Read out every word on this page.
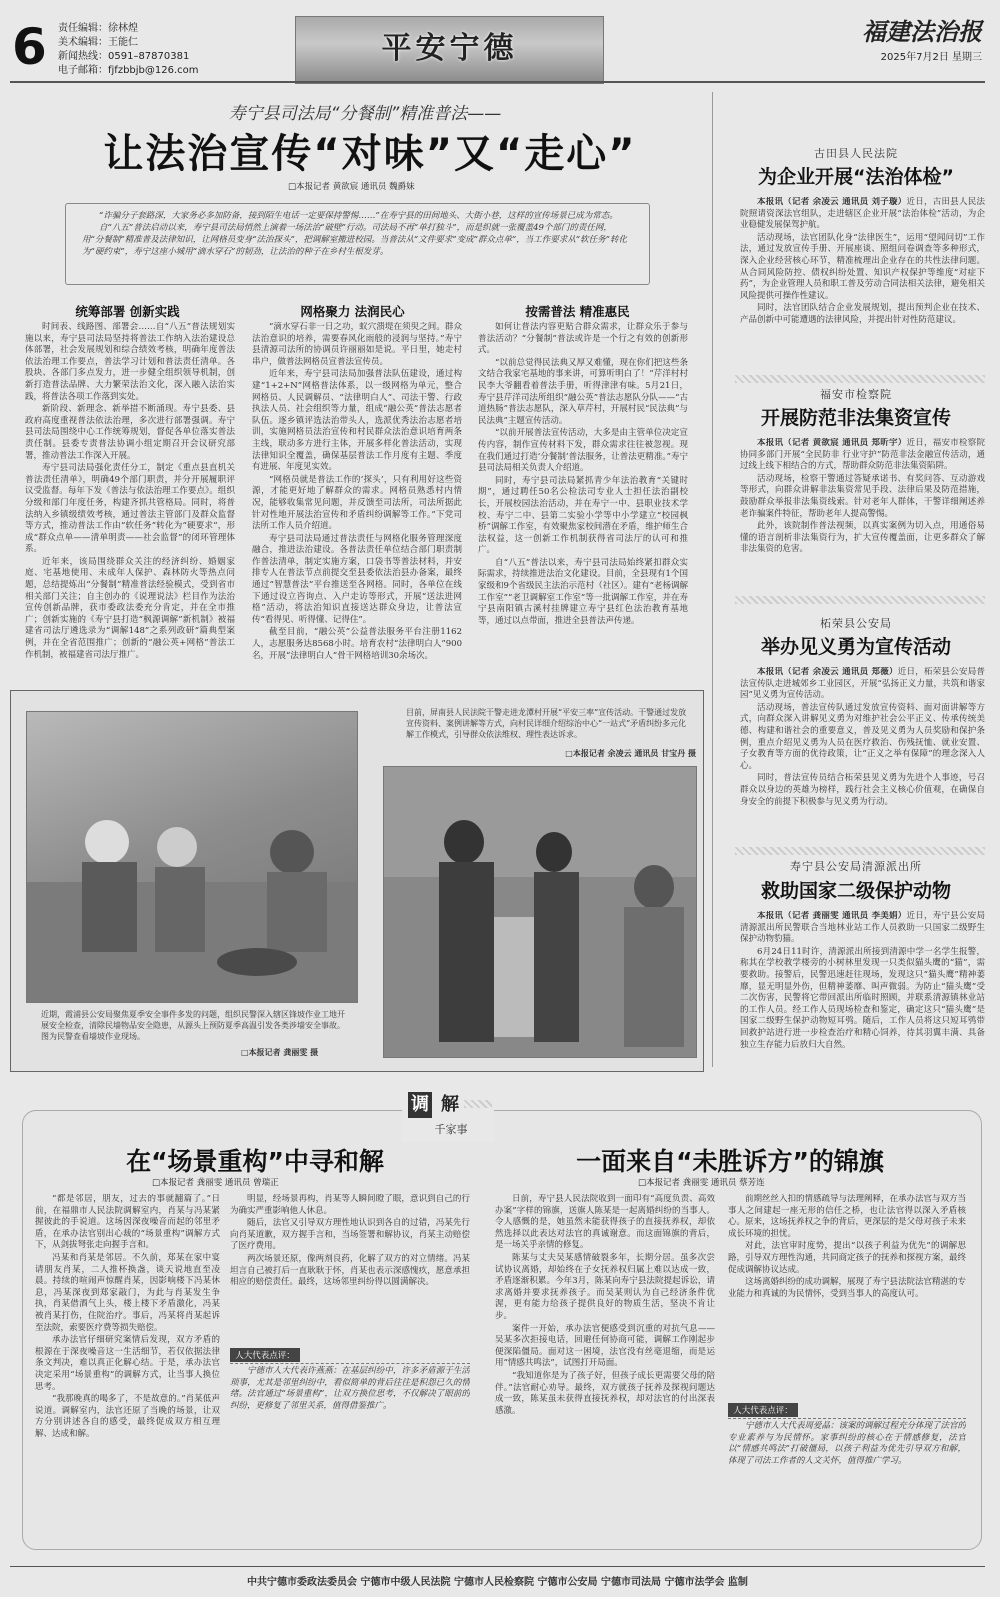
6 责任编辑：徐林煌
美术编辑：王能仁
新闻热线：0591–87870381
电子邮箱：fjfzbbjb@126.com
平安宁德	福建法治报
2025年7月2日 星期三
寿宁县司法局“分餐制”精准普法——
让法治宣传“对味”又“走心”
□本报记者 黄欲宸 通讯员 魏爵妹
“诈骗分子套路深，大家务必多加防备，接到陌生电话一定要保持警惕……”在寿宁县的田间地头、大街小巷，这样的宣传场景已成为常态。
自“八五”普法启动以来，寿宁县司法局悄然上演着一场法治“破壁”行动。司法局不再“单打独斗”，而是织就一张覆盖49个部门的责任网，用“分餐制”精准普及法律知识，让网格员变身“法治探头”，把调解室搬进校园。当普法从“文件要求”变成“群众点单”，当工作要求从“软任务”转化为“硬约束”，寿宁这座小城用“滴水穿石”的韧劲，让法治的种子在乡村生根发芽。
统筹部署 创新实践	网格聚力 法润民心	按需普法 精准惠民

时间表、线路图、部署会……自“八五”普法规划实施以来，寿宁县司法局坚持将普法工作纳入法治建设总体部署，社会发展规划和综合绩效考核，明确年度普法依法治理工作要点，普法学习计划和普法责任清单。各股块、各部门多点发力，进一步健全组织领导机制，创新打造普法品牌、大力繁荣法治文化，深入融入法治实践，将普法各项工作落到实处。

新阶段、新理念、新举措不断涌现。寿宁县委、县政府高度重视普法依法治理，多次进行部署强调。寿宁县司法局围绕中心工作统筹规划，督促各单位落实普法责任制。县委专责普法协调小组定期召开会议研究部署，推动普法工作深入开展。

寿宁县司法局强化责任分工，制定《重点县直机关普法责任清单》，明确49个部门职责，并分开展履职评议受监督。每年下发《普法与依法治理工作要点》。组织分级和部门年度任务，构建齐抓共管格局。同时，将普法纳入乡镇级绩效考核，通过普法主管部门及群众监督等方式，推动普法工作由“软任务”转化为“硬要求”，形成“群众点单——清单明责——社会监督”的闭环管理体系。

近年来，该局围绕群众关注的经济纠纷、婚姻家庭、宅基地使用、未成年人保护、森林防火等热点问题，总结提炼出“分餐制”精准普法经验模式，受到省市相关部门关注；自主创办的《说理说法》栏目作为法治宣传创新品牌，获市委政法委充分肯定，并在全市推广；创新实施的《寿宁县打造“枫源调解”新机制》被福建省司法厅遴选录为“调解148”之系列政研“篇典型案例，并在全省范围推广；创新的“融公英+网格”普法工作机制，被福建省司法厅推广。

“滴水穿石非一日之功，蚁穴溃堤在须臾之间。群众法治意识的培养，需要春风化雨般的浸润与坚持。”寿宁县清源司法所的协调员许丽丽如是说。平日里，她走村串户，做普法网格员宣普法宣传员。

近年来，寿宁县司法局加强普法队伍建设，通过构建“1+2+N”网格普法体系，以一级网格为单元，整合网格员、人民调解员、“法律明白人”、司法干警、行政执法人员、社会组织等力量，组成“融公英”普法志愿者队伍。逐乡镇评选法治带头人，选派优秀法治志愿者培训，实施网格员法治宣传和村民群众法治意识培育两条主线，联动多方进行主体，开展多样化普法活动，实现法律知识全覆盖，确保基层普法工作月度有主题、季度有进展、年度见实效。

“网格员就是普法工作的‘探头’，只有利用好这些资源，才能更好地了解群众的需求。网格员熟悉村内情况，能够收集常见问题，并反馈至司法所，司法所据此针对性地开展法治宣传和矛盾纠纷调解等工作。”下党司法所工作人员介绍道。

寿宁县司法局通过普法责任与网格化服务管理深度融合，推进法治建设。各普法责任单位结合部门职责制作普法清单，制定实施方案，口袋书等普法材料，并安排专人在普法节点前提交至县委依法治县办备案，最终通过“智慧普法”平台推送至各网格。同时，各单位在线下通过设立咨询点、入户走访等形式，开展“送法进网格”活动，将法治知识直接送达群众身边，让普法宣传“看得见、听得懂、记得住”。

截至目前，“融公英”公益普法服务平台注册1162人，志愿服务达8568小时。培育农村“法律明白人”900名，开展“法律明白人”骨干网格培训30余场次。

如何让普法内容更贴合群众需求，让群众乐于参与普法活动？“分餐制”普法或许是一个行之有效的创新形式。

“以前总觉得民法典又厚又难懂，现在你们把这些条文结合我家宅基地的事来讲，可算听明白了！”芹洋村村民李大爷翻看着普法手册，听得津津有味。5月21日，寿宁县芹洋司法所组织“融公英”普法志愿队分队——“古道热肠”普法志愿队，深入草芹村，开展村民“民法典”与民法典”主题宣传活动。

“以前开展普法宣传活动，大多是由主管单位决定宣传内容，制作宣传材料下发，群众需求往往被忽视。现在我们通过打造‘分餐制’普法服务，让普法更精准。”寿宁县司法局相关负责人介绍道。

同时，寿宁县司法局紧抓青少年法治教育“关键时期”，通过聘任50名公检法司专业人士担任法治副校长，开展校园法治活动，并在寿宁一中、县职业技术学校、寿宁二中、县第二实验小学等中小学建立“校园枫桥”调解工作室，有效聚焦家校间潜在矛盾，维护师生合法权益，这一创新工作机制获得省司法厅的认可和推广。

自“八五”普法以来，寿宁县司法局始终紧扣群众实际需求，持续推进法治文化建设。目前，全县现有1个国家级和9个省级民主法治示范村（社区）。建有“老杨调解工作室”“老卫调解室工作室”等一批调解工作室，并在寿宁县南阳镇古溪村挂牌建立寿宁县红色法治教育基地等，通过以点带面，推进全县普法声传递。

近期，霞浦县公安局聚焦夏季安全事件多发的问题，组织民警深入辖区锋坡作业工地开展安全检查，清除民墙物品安全隐患，从源头上预防夏季高温引发各类涉墙安全事故。图为民警查看墙坡作业现场。
□本报记者 龚丽雯 摄
目前，屏南县人民法院干警走进龙潭村开展“平安三率”宣传活动。干警通过发放宣传资料、案例讲解等方式，向村民详细介绍综治中心“一站式”矛盾纠纷多元化解工作模式，引导群众依法维权、理性表达诉求。
□本报记者 余凌云 通讯员 甘宝丹 摄
古田县人民法院
为企业开展“法治体检”

本报讯（记者 余凌云 通讯员 刘子璇）近日，古田县人民法院照请资深法官组队，走进辖区企业开展“法治体检”活动，为企业稳健发展保驾护航。

活动现场，法官团队化身“法律医生”，运用“望闻问切”工作法，通过发放宣传手册、开展座谈、照组问卷调查等多种形式，深入企业经营核心环节，精准梳理出企业存在的共性法律问题。从合同风险防控、债权纠纷处置、知识产权保护等维度“对症下药”，为企业管理人员和职工普及劳动合同法相关法律，避免相关风险提供可操作性建议。

同时，法官团队结合企业发展规划，提出预判企业在技术、产品创新中可能遭遇的法律风险，并提出针对性防范建议。

福安市检察院
开展防范非法集资宣传

本报讯（记者 黄欲宸 通讯员 郑昕宇）近日，福安市检察院协同多部门开展“全民防非 行业守护”防范非法金融宣传活动，通过线上线下相结合的方式，帮助群众防范非法集资陷阱。

活动现场，检察干警通过答疑承诺书、有奖问答、互动游戏等形式，向群众讲解非法集资常见手段、法律后果及防范措施，鼓励群众举报非法集资线索。针对老年人群体，干警详细阐述养老诈骗案件特征，帮助老年人提高警惕。

此外，该院制作普法视频，以真实案例为切入点，用通俗易懂的语言剖析非法集资行为，扩大宣传覆盖面，让更多群众了解非法集资的危害。

柘荣县公安局
举办见义勇为宣传活动

本报讯（记者 余凌云 通讯员 郑薇）近日，柘荣县公安局普法宣传队走进城郊乡工业园区，开展“弘扬正义力量，共筑和谐家园”见义勇为宣传活动。

活动现场，普法宣传队通过发放宣传资料、面对面讲解等方式，向群众深入讲解见义勇为对维护社会公平正义、传承传统美德、构建和谐社会的重要意义，普及见义勇为人员奖励和保护条例，重点介绍见义勇为人员在医疗救治、伤残抚恤、就业安置、子女教育等方面的优待政策，让“正义之举有保障”的理念深入人心。

同时，普法宣传员结合柘荣县见义勇为先进个人事迹，号召群众以身边的英雄为榜样，践行社会主义核心价值观，在确保自身安全的前提下积极参与见义勇为行动。

寿宁县公安局清源派出所
救助国家二级保护动物

本报讯（记者 龚丽雯 通讯员 李美娟）近日，寿宁县公安局清源派出所民警联合当地林业站工作人员救助一只国家二级野生保护动物豹猫。

6月24日11时许，清源派出所接到清源中学一名学生报警，称其在学校教学楼旁的小树林里发现一只类似猫头鹰的“猫”，需要救助。接警后，民警迅速赶往现场，发现这只“猫头鹰”精神萎靡，显无明显外伤，但精神萎靡、叫声微弱。为防止“猫头鹰”受二次伤害，民警将它带回派出所临时照顾，并联系清源镇林业站的工作人员。经工作人员现场检查和鉴定，确定这只“猫头鹰”是国家二级野生保护动物短耳鸮。随后，工作人员将这只短耳鸮带回救护站进行进一步检查治疗和精心饲养，待其羽翼丰满、具备独立生存能力后放归大自然。

调 解
千家事
在“场景重构”中寻和解
□本报记者 龚丽雯 通讯员 曾瑞正

“都是邻居，朋友，过去的事就翻篇了。”日前，在福鼎市人民法院调解室内，肖某与冯某紧握彼此的手说道。这场因深夜噪音而起的邻里矛盾，在承办法官别出心裁的“场景重构”调解方式下，从剑拔弩张走向握手言和。

冯某和肖某是邻居。不久前，郑某在家中宴请朋友肖某，二人推杯换盏，谈天说地直至凌晨。持续的喧闹声惊醒肖某，因影响楼下冯某休息，冯某深夜到郑家敲门，为此与肖某发生争执，肖某借酒气上头，楼上楼下矛盾激化，冯某被肖某打伤，住院治疗。事后，冯某将肖某起诉至法院，索要医疗费等损失赔偿。

承办法官仔细研究案情后发现，双方矛盾的根源在于深夜噪音这一生活细节，若仅依据法律条文判决，难以真正化解心结。于是，承办法官决定采用“场景重构”的调解方式，让当事人换位思考。

“我那晚真的喝多了，不是故意的。”肖某低声说道。调解室内，法官还原了当晚的场景，让双方分别讲述各自的感受，最终促成双方相互理解、达成和解。

明显，经场景再构，肖某等人瞬间瞪了眼，意识到自己的行为确实严重影响他人休息。

随后，法官又引导双方理性地认识到各自的过错，冯某先行向肖某道歉，双方握手言和，当场签署和解协议，肖某主动赔偿了医疗费用。

两次场景还原，像两剂良药，化解了双方的对立情绪。冯某坦言自己被打后一直耿耿于怀，肖某也表示深感愧疚，愿意承担相应的赔偿责任。最终，这场邻里纠纷得以圆满解决。

人大代表点评：

宁德市人大代表许燕燕：在基层纠纷中，许多矛盾源于生活琐事，尤其是邻里纠纷中，看似简单的背后往往是积怨已久的情绪。法官通过“场景重构”，让双方换位思考，不仅解决了眼前的纠纷，更修复了邻里关系，值得借鉴推广。

一面来自“未胜诉方”的锦旗
□本报记者 龚丽雯 通讯员 蔡芳连

日前，寿宁县人民法院收到一面印有“高度负责、高效办案”字样的锦旗，送旗人陈某是一起离婚纠纷的当事人。令人感慨的是，她虽然未能获得孩子的直接抚养权，却依然选择以此表达对法官的真诚谢意。而这面锦旗的背后，是一场关乎亲情的修复。

陈某与丈夫吴某感情破裂多年，长期分居。虽多次尝试协议离婚，却始终在子女抚养权归属上难以达成一致，矛盾逐渐积累。今年3月，陈某向寿宁县法院提起诉讼，请求离婚并要求抚养孩子。而吴某则认为自己经济条件优渥，更有能力给孩子提供良好的物质生活，坚决不肯让步。

案件一开始，承办法官便感受到沉重的对抗气息——吴某多次拒接电话，回避任何协商可能，调解工作刚起步便深陷僵局。面对这一困境，法官没有丝毫退缩，而是运用“情感共鸣法”，试图打开局面。

“我知道你是为了孩子好，但孩子成长更需要父母的陪伴。”法官耐心劝导。最终，双方就孩子抚养及探视问题达成一致，陈某虽未获得直接抚养权，却对法官的付出深表感激。

前期丝丝入扣的情感疏导与法理阐释，在承办法官与双方当事人之间建起一座无形的信任之桥，也让法官得以深入矛盾核心。原来，这场抚养权之争的背后，更深层的是父母对孩子未来成长环境的担忧。

对此，法官审时度势，提出“以孩子利益为优先”的调解思路，引导双方理性沟通，共同商定孩子的抚养和探视方案，最终促成调解协议达成。

这场离婚纠纷的成功调解，展现了寿宁县法院法官精湛的专业能力和真诚的为民情怀，受到当事人的高度认可。

人大代表点评：

宁德市人大代表周爱晶：该案的调解过程充分体现了法官的专业素养与为民情怀。家事纠纷的核心在于情感修复，法官以“情感共鸣法”打破僵局，以孩子利益为优先引导双方和解，体现了司法工作者的人文关怀，值得推广学习。

中共宁德市委政法委员会 宁德市中级人民法院 宁德市人民检察院 宁德市公安局 宁德市司法局 宁德市法学会 监制
